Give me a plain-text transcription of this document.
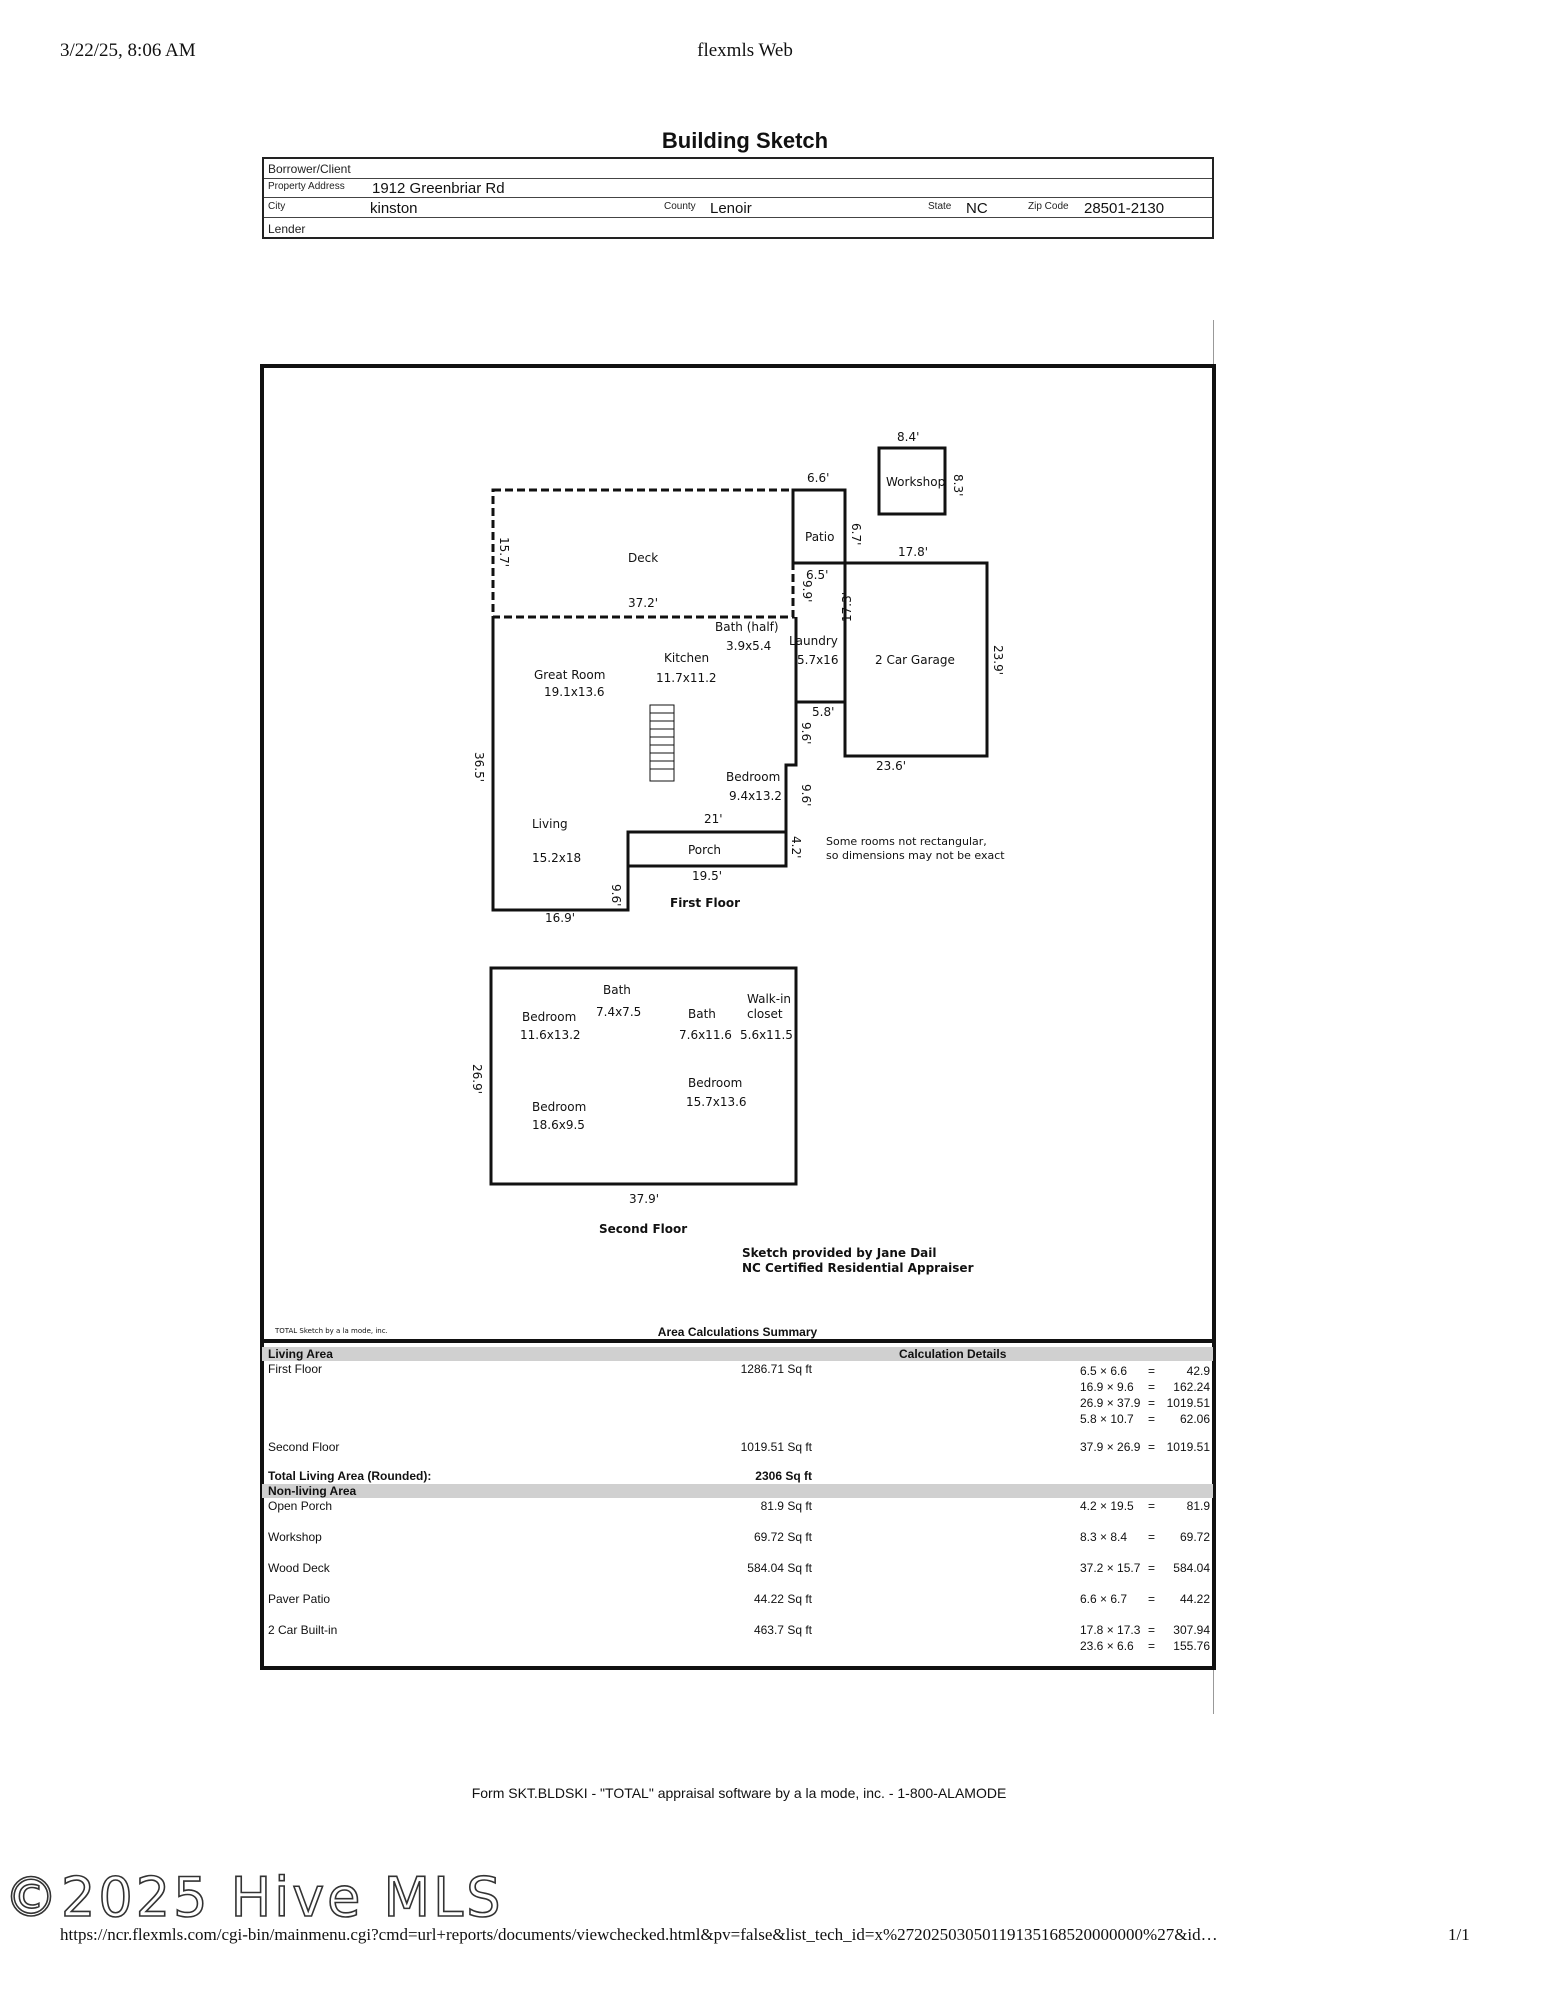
3/22/25, 8:06 AM	flexmls Web
Building Sketch
Borrower/Client
Property Address 1912 Greenbriar Rd
City	kinston	County Lenoir	State NC	Zip Code 28501-2130
Lender
8.4'
8.3'
Workshop
6.6'
6.7'
Patio
15.7'	Deck
37.2'
17.8'
6.5'
9.9'
17.3'
23.9'
Bath (half)
3.9x5.4
Kitchen
11.7x11.2
Laundry
5.7x16	2 Car Garage
Great Room
19.1x13.6
5.8'
9.6'
23.6'
36.5'	Bedroom
9.4x13.2 9.6'
21'
Living
15.2x18
Porch	4.2'
9.6'
19.5'
First Floor
16.9'
Some rooms not rectangular,
so dimensions may not be exact
Bath
7.4x7.5
Bedroom
11.6x13.2
Bath
7.6x11.6
Walk-in
closet
5.6x11.5
Bedroom
15.7x13.6
Bedroom
18.6x9.5
26.9'
37.9'
Second Floor
Sketch provided by Jane Dail
NC Certified Residential Appraiser
TOTAL Sketch by a la mode, inc.	Area Calculations Summary
Living Area	Calculation Details
First Floor	1286.71 Sq ft	6.5 × 6.6 =	42.9
16.9 × 9.6 =	162.24
26.9 × 37.9 = 1019.51
5.8 × 10.7 =	62.06
Second Floor	1019.51 Sq ft	37.9 × 26.9 = 1019.51
Total Living Area (Rounded):	2306 Sq ft
Non-living Area
Open Porch	81.9 Sq ft	4.2 × 19.5 =	81.9
Workshop	69.72 Sq ft	8.3 × 8.4 =	69.72
Wood Deck	584.04 Sq ft	37.2 × 15.7 =	584.04
Paver Patio	44.22 Sq ft	6.6 × 6.7 =	44.22
2 Car Built-in	463.7 Sq ft	17.8 × 17.3 =	307.94
23.6 × 6.6 =	155.76
Form SKT.BLDSKI - "TOTAL" appraisal software by a la mode, inc. - 1-800-ALAMODE
©2025 Hive MLS
https://ncr.flexmls.com/cgi-bin/mainmenu.cgi?cmd=url+reports/documents/viewchecked.html&pv=false&list_tech_id=x%27202503050119135168520000000%27&id…	1/1
